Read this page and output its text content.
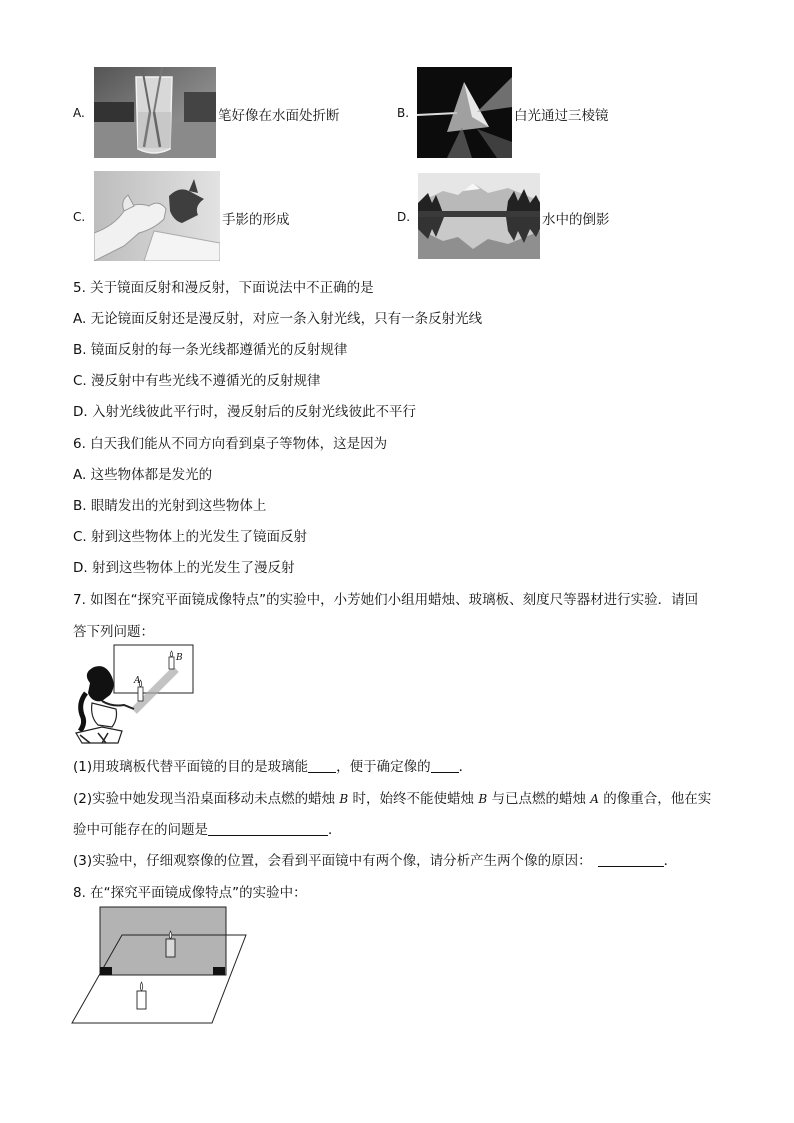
A.	笔好像在水面处折断	B.	白光通过三棱镜
C.	手影的形成	D.	水中的倒影
5. 关于镜面反射和漫反射，下面说法中不正确的是
A. 无论镜面反射还是漫反射，对应一条入射光线，只有一条反射光线
B. 镜面反射的每一条光线都遵循光的反射规律
C. 漫反射中有些光线不遵循光的反射规律
D. 入射光线彼此平行时，漫反射后的反射光线彼此不平行
6. 白天我们能从不同方向看到桌子等物体，这是因为
A. 这些物体都是发光的
B. 眼睛发出的光射到这些物体上
C. 射到这些物体上的光发生了镜面反射
D. 射到这些物体上的光发生了漫反射
7. 如图在“探究平面镜成像特点”的实验中，小芳她们小组用蜡烛、玻璃板、刻度尺等器材进行实验．请回
答下列问题：
A
B
(1)用玻璃板代替平面镜的目的是玻璃能 ，便于确定像的 ．
(2)实验中她发现当沿桌面移动未点燃的蜡烛 B 时，始终不能使蜡烛 B 与已点燃的蜡烛 A 的像重合，他在实
验中可能存在的问题是	．
(3)实验中，仔细观察像的位置，会看到平面镜中有两个像，请分析产生两个像的原因：	．
8. 在“探究平面镜成像特点”的实验中：
